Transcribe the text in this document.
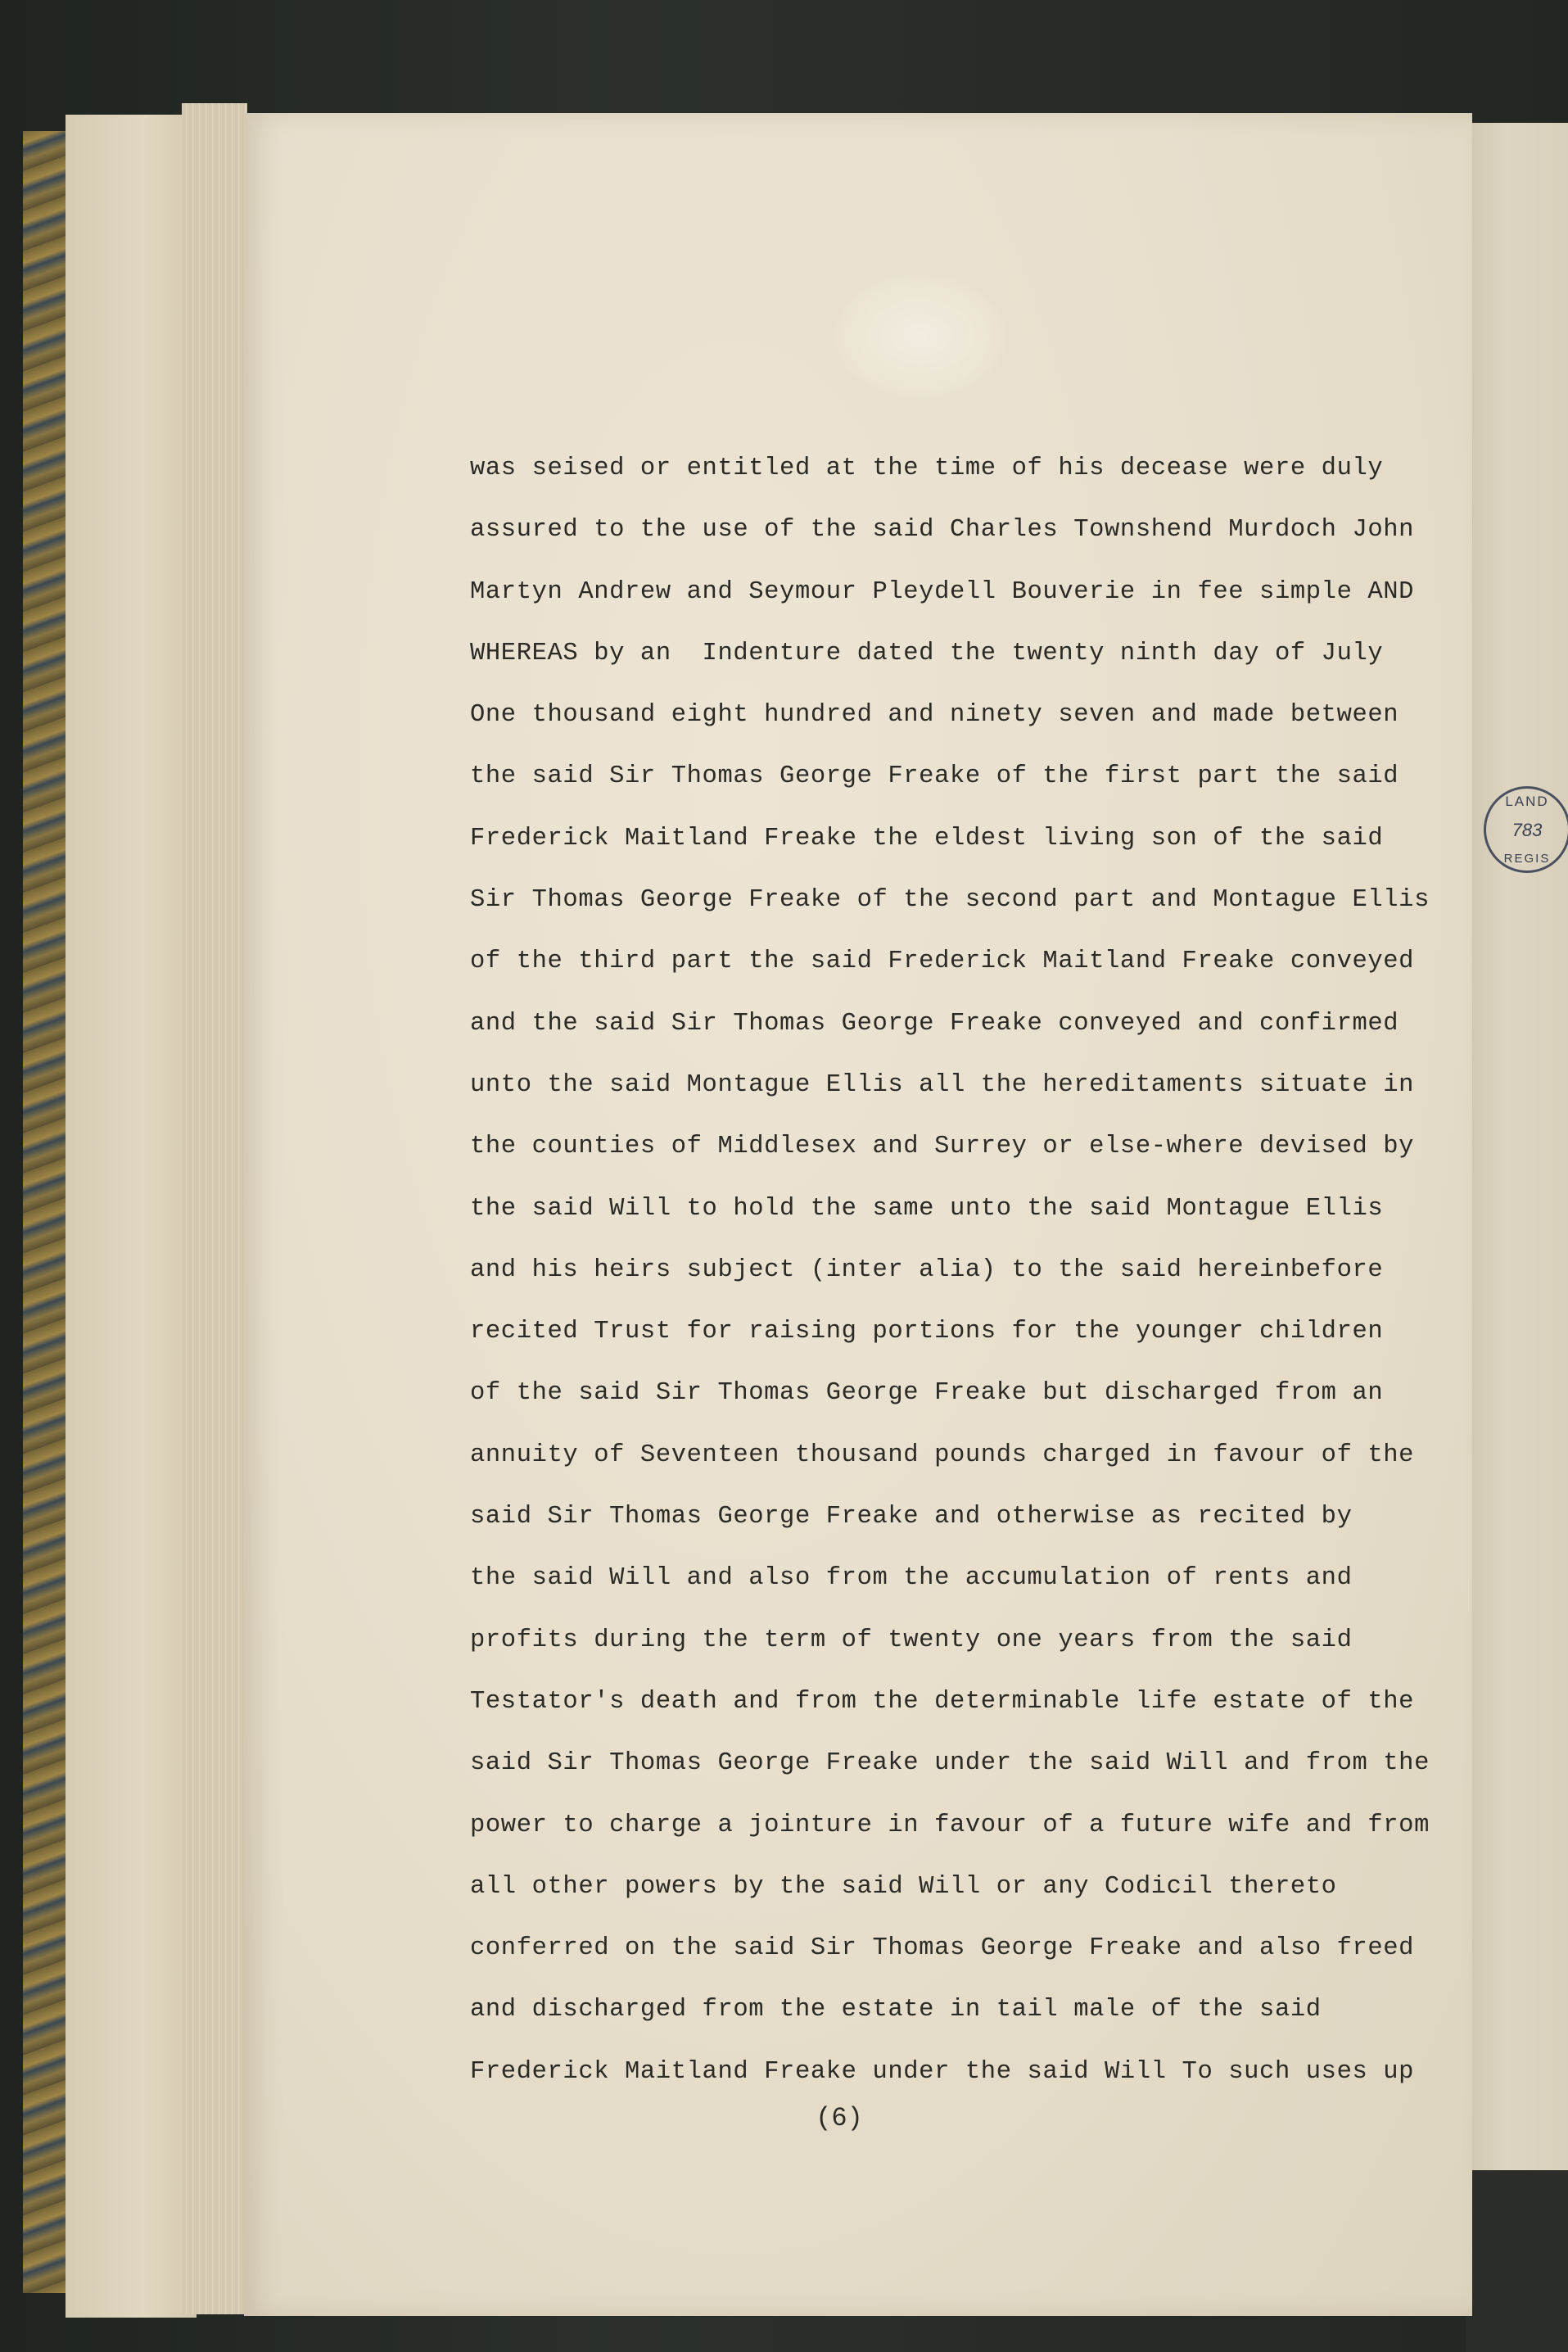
was seised or entitled at the time of his decease were duly
assured to the use of the said Charles Townshend Murdoch John
Martyn Andrew and Seymour Pleydell Bouverie in fee simple AND
WHEREAS by an  Indenture dated the twenty ninth day of July
One thousand eight hundred and ninety seven and made between
the said Sir Thomas George Freake of the first part the said
Frederick Maitland Freake the eldest living son of the said
Sir Thomas George Freake of the second part and Montague Ellis
of the third part the said Frederick Maitland Freake conveyed
and the said Sir Thomas George Freake conveyed and confirmed
unto the said Montague Ellis all the hereditaments situate in
the counties of Middlesex and Surrey or else-where devised by
the said Will to hold the same unto the said Montague Ellis
and his heirs subject (inter alia) to the said hereinbefore
recited Trust for raising portions for the younger children
of the said Sir Thomas George Freake but discharged from an
annuity of Seventeen thousand pounds charged in favour of the
said Sir Thomas George Freake and otherwise as recited by
the said Will and also from the accumulation of rents and
profits during the term of twenty one years from the said
Testator's death and from the determinable life estate of the
said Sir Thomas George Freake under the said Will and from the
power to charge a jointure in favour of a future wife and from
all other powers by the said Will or any Codicil thereto
conferred on the said Sir Thomas George Freake and also freed
and discharged from the estate in tail male of the said
Frederick Maitland Freake under the said Will To such uses up
(6)
LAND
783
REGIS
